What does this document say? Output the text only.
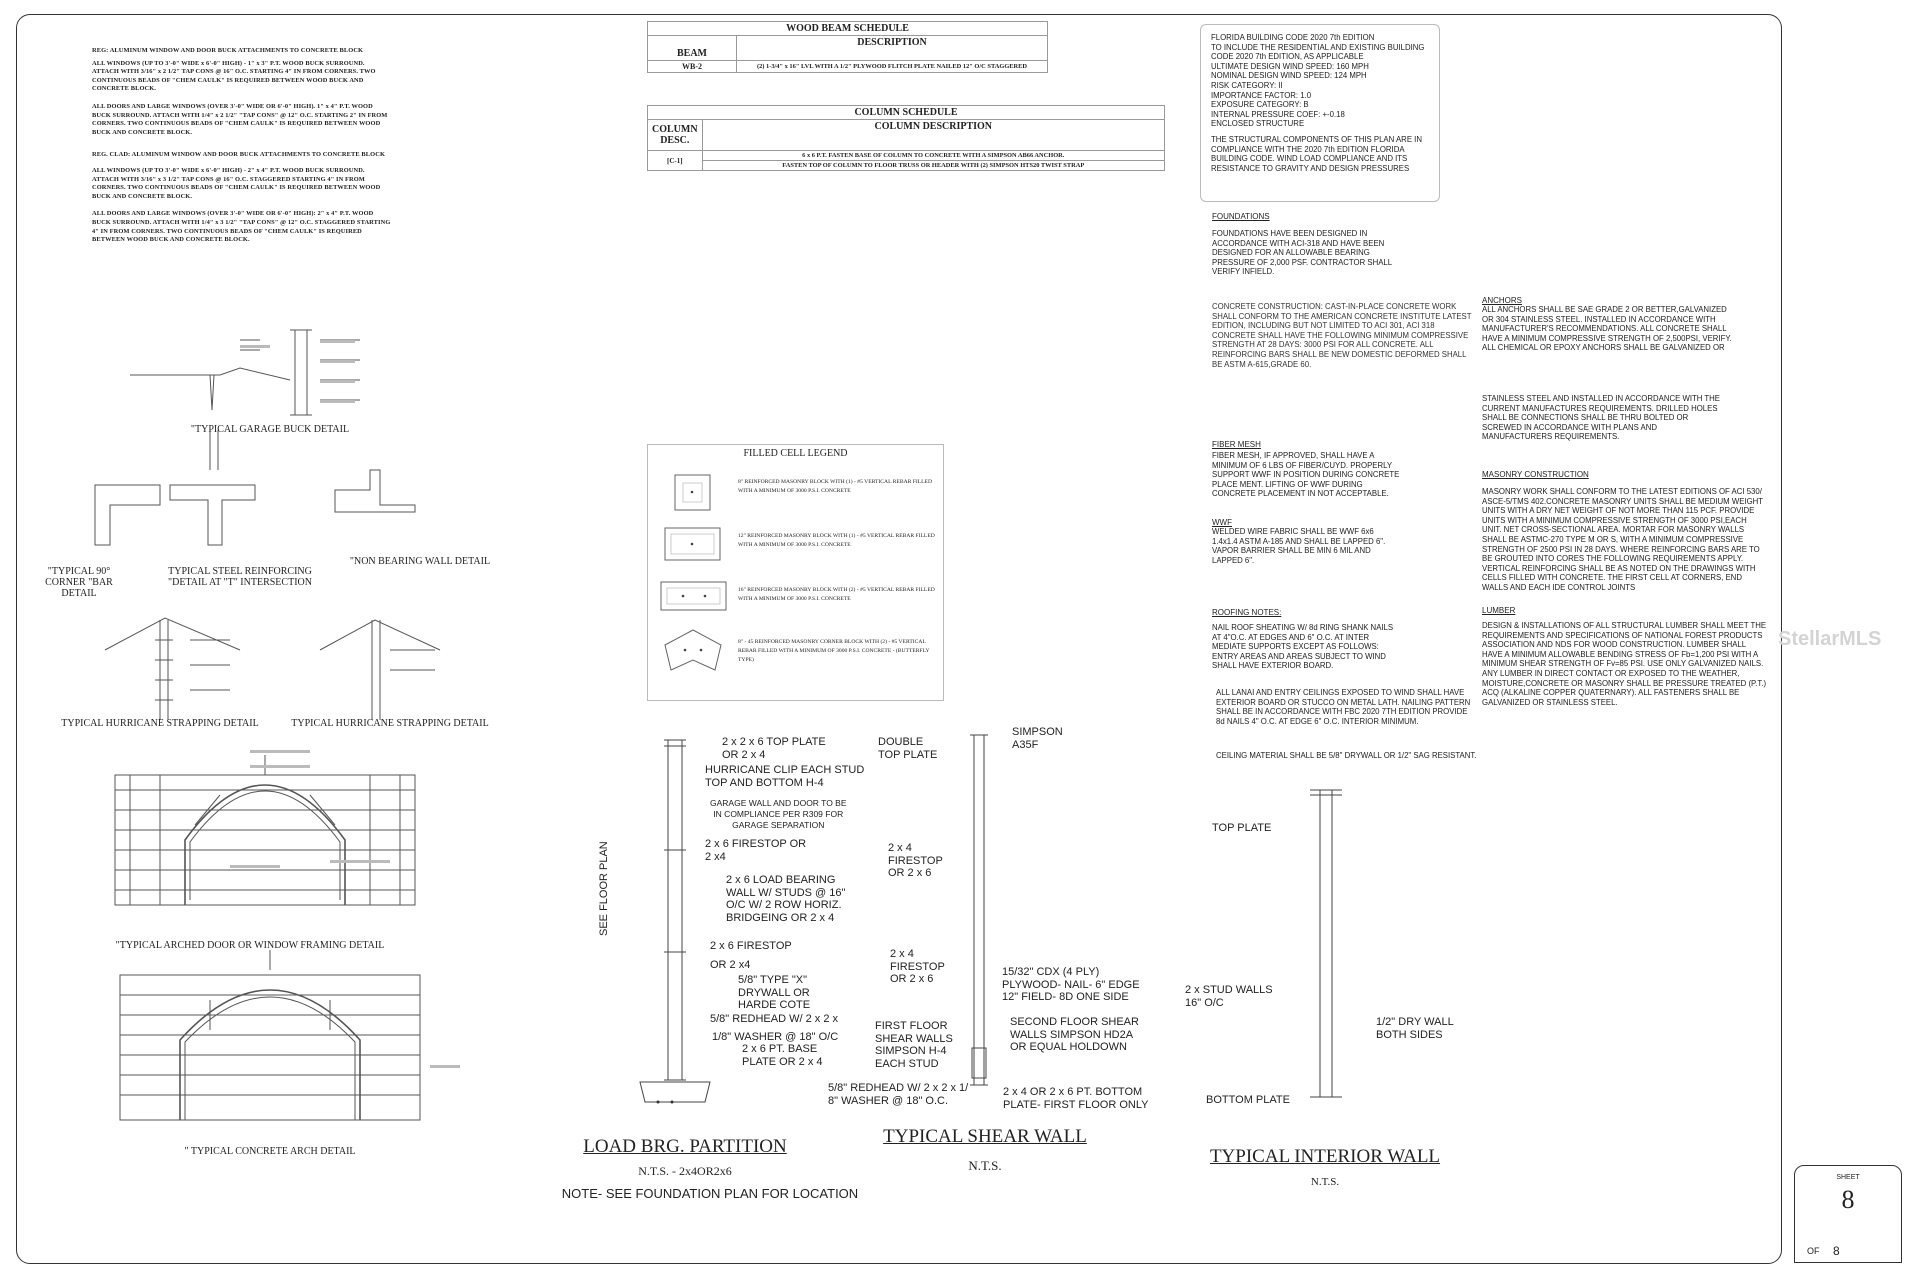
REG: ALUMINUM WINDOW AND DOOR BUCK ATTACHMENTS TO CONCRETE BLOCK
ALL WINDOWS (UP TO 3'-0" WIDE x 6'-0" HIGH) - 1" x 3" P.T. WOOD BUCK SURROUND. ATTACH WITH 3/16" x 2 1/2" TAP CONS @ 16" O.C. STARTING 4" IN FROM CORNERS. TWO CONTINUOUS BEADS OF "CHEM CAULK" IS REQUIRED BETWEEN WOOD BUCK AND CONCRETE BLOCK.
ALL DOORS AND LARGE WINDOWS (OVER 3'-0" WIDE OR 6'-0" HIGH). 1" x 4" P.T. WOOD BUCK SURROUND. ATTACH WITH 1/4" x 2 1/2" "TAP CONS" @ 12" O.C. STARTING 2" IN FROM CORNERS. TWO CONTINUOUS BEADS OF "CHEM CAULK" IS REQUIRED BETWEEN WOOD BUCK AND CONCRETE BLOCK.
REG. CLAD: ALUMINUM WINDOW AND DOOR BUCK ATTACHMENTS TO CONCRETE BLOCK
ALL WINDOWS (UP TO 3'-0" WIDE x 6'-0" HIGH) - 2" x 4" P.T. WOOD BUCK SURROUND. ATTACH WITH 3/16" x 3 1/2" TAP CONS @ 16" O.C. STAGGERED STARTING 4" IN FROM CORNERS. TWO CONTINUOUS BEADS OF "CHEM CAULK" IS REQUIRED BETWEEN WOOD BUCK AND CONCRETE BLOCK.
ALL DOORS AND LARGE WINDOWS (OVER 3'-0" WIDE OR 6'-0" HIGH): 2" x 4" P.T. WOOD BUCK SURROUND. ATTACH WITH 1/4" x 3 1/2" "TAP CONS" @ 12" O.C. STAGGERED STARTING 4" IN FROM CORNERS. TWO CONTINUOUS BEADS OF "CHEM CAULK" IS REQUIRED BETWEEN WOOD BUCK AND CONCRETE BLOCK.
"TYPICAL GARAGE BUCK DETAIL
"TYPICAL 90° CORNER "BAR DETAIL
TYPICAL STEEL REINFORCING "DETAIL AT "T" INTERSECTION
"NON BEARING WALL DETAIL
TYPICAL HURRICANE STRAPPING DETAIL	TYPICAL HURRICANE STRAPPING DETAIL
"TYPICAL ARCHED DOOR OR WINDOW FRAMING DETAIL
" TYPICAL CONCRETE ARCH DETAIL
WOOD BEAM SCHEDULE	
BEAM	DESCRIPTION
WB-2	(2) 1-3/4" x 16" LVL WITH A 1/2" PLYWOOD FLITCH PLATE NAILED 12" O/C STAGGERED
COLUMN SCHEDULE	
COLUMN DESC.	COLUMN DESCRIPTION
[C-1]	6 x 6 P.T. FASTEN BASE OF COLUMN TO CONCRETE WITH A SIMPSON AB66 ANCHOR.
	FASTEN TOP OF COLUMN TO FLOOR TRUSS OR HEADER WITH (2) SIMPSON HTS20 TWIST STRAP
FILLED CELL LEGEND
8" REINFORCED MASONRY BLOCK WITH (1) - #5 VERTICAL REBAR FILLED WITH A MINIMUM OF 3000 P.S.I. CONCRETE
12" REINFORCED MASONRY BLOCK WITH (1) - #5 VERTICAL REBAR FILLED WITH A MINIMUM OF 3000 P.S.I. CONCRETE
16" REINFORCED MASONRY BLOCK WITH (2) - #5 VERTICAL REBAR FILLED WITH A MINIMUM OF 3000 P.S.I. CONCRETE
8" - 45 REINFORCED MASONRY CORNER BLOCK WITH (2) - #5 VERTICAL REBAR FILLED WITH A MINIMUM OF 3000 P.S.I. CONCRETE - (BUTTERFLY TYPE)
FLORIDA BUILDING CODE 2020 7th EDITION
TO INCLUDE THE RESIDENTIAL AND EXISTING BUILDING
CODE 2020 7th EDITION, AS APPLICABLE
ULTIMATE DESIGN WIND SPEED: 160 MPH
NOMINAL DESIGN WIND SPEED: 124 MPH
RISK CATEGORY: II
IMPORTANCE FACTOR: 1.0
EXPOSURE CATEGORY: B
INTERNAL PRESSURE COEF: +-0.18
ENCLOSED STRUCTURE
THE STRUCTURAL COMPONENTS OF THIS PLAN ARE IN COMPLIANCE WITH THE 2020 7th EDITION FLORIDA BUILDING CODE. WIND LOAD COMPLIANCE AND ITS RESISTANCE TO GRAVITY AND DESIGN PRESSURES
FOUNDATIONS
FOUNDATIONS HAVE BEEN DESIGNED IN ACCORDANCE WITH ACI-318 AND HAVE BEEN DESIGNED FOR AN ALLOWABLE BEARING PRESSURE OF 2,000 PSF. CONTRACTOR SHALL VERIFY INFIELD.
CONCRETE CONSTRUCTION: CAST-IN-PLACE CONCRETE WORK SHALL CONFORM TO THE AMERICAN CONCRETE INSTITUTE LATEST EDITION, INCLUDING BUT NOT LIMITED TO ACI 301, ACI 318 CONCRETE SHALL HAVE THE FOLLOWING MINIMUM COMPRESSIVE STRENGTH AT 28 DAYS: 3000 PSI FOR ALL CONCRETE. ALL REINFORCING BARS SHALL BE NEW DOMESTIC DEFORMED SHALL BE ASTM A-615,GRADE 60.
FIBER MESH
FIBER MESH, IF APPROVED, SHALL HAVE A MINIMUM OF 6 LBS OF FIBER/CUYD. PROPERLY SUPPORT WWF IN POSITION DURING CONCRETE PLACE MENT. LIFTING OF WWF DURING CONCRETE PLACEMENT IN NOT ACCEPTABLE.
WWF
WELDED WIRE FABRIC SHALL BE WWF 6x6 1.4x1.4 ASTM A-185 AND SHALL BE LAPPED 6". VAPOR BARRIER SHALL BE MIN 6 MIL AND LAPPED 6".
ROOFING NOTES:
NAIL ROOF SHEATING W/ 8d RING SHANK NAILS AT 4"O.C. AT EDGES AND 6" O.C. AT INTER MEDIATE SUPPORTS EXCEPT AS FOLLOWS: ENTRY AREAS AND AREAS SUBJECT TO WIND SHALL HAVE EXTERIOR BOARD.
ALL LANAI AND ENTRY CEILINGS EXPOSED TO WIND SHALL HAVE EXTERIOR BOARD OR STUCCO ON METAL LATH. NAILING PATTERN SHALL BE IN ACCORDANCE WITH FBC 2020 7TH EDITION PROVIDE 8d NAILS 4" O.C. AT EDGE 6" O.C. INTERIOR MINIMUM.
CEILING MATERIAL SHALL BE 5/8" DRYWALL OR 1/2" SAG RESISTANT.
ANCHORS
ALL ANCHORS SHALL BE SAE GRADE 2 OR BETTER,GALVANIZED OR 304 STAINLESS STEEL. INSTALLED IN ACCORDANCE WITH MANUFACTURER'S RECOMMENDATIONS. ALL CONCRETE SHALL HAVE A MINIMUM COMPRESSIVE STRENGTH OF 2,500PSI, VERIFY. ALL CHEMICAL OR EPOXY ANCHORS SHALL BE GALVANIZED OR
STAINLESS STEEL AND INSTALLED IN ACCORDANCE WITH THE CURRENT MANUFACTURES REQUIREMENTS. DRILLED HOLES SHALL BE CONNECTIONS SHALL BE THRU BOLTED OR SCREWED IN ACCORDANCE WITH PLANS AND MANUFACTURERS REQUIREMENTS.
MASONRY CONSTRUCTION
MASONRY WORK SHALL CONFORM TO THE LATEST EDITIONS OF ACI 530/ ASCE-5/TMS 402.CONCRETE MASONRY UNITS SHALL BE MEDIUM WEIGHT UNITS WITH A DRY NET WEIGHT OF NOT MORE THAN 115 PCF. PROVIDE UNITS WITH A MINIMUM COMPRESSIVE STRENGTH OF 3000 PSI,EACH UNIT. NET CROSS-SECTIONAL AREA. MORTAR FOR MASONRY WALLS SHALL BE ASTMC-270 TYPE M OR S, WITH A MINIMUM COMPRESSIVE STRENGTH OF 2500 PSI IN 28 DAYS. WHERE REINFORCING BARS ARE TO BE GROUTED INTO CORES THE FOLLOWING REQUIREMENTS APPLY. VERTICAL REINFORCING SHALL BE AS NOTED ON THE DRAWINGS WITH CELLS FILLED WITH CONCRETE. THE FIRST CELL AT CORNERS, END WALLS AND EACH IDE CONTROL JOINTS
LUMBER
DESIGN & INSTALLATIONS OF ALL STRUCTURAL LUMBER SHALL MEET THE REQUIREMENTS AND SPECIFICATIONS OF NATIONAL FOREST PRODUCTS ASSOCIATION AND NDS FOR WOOD CONSTRUCTION. LUMBER SHALL HAVE A MINIMUM ALLOWABLE BENDING STRESS OF Fb=1,200 PSI WITH A MINIMUM SHEAR STRENGTH OF Fv=85 PSI. USE ONLY GALVANIZED NAILS. ANY LUMBER IN DIRECT CONTACT OR EXPOSED TO THE WEATHER, MOISTURE,CONCRETE OR MASONRY SHALL BE PRESSURE TREATED (P.T.) ACQ (ALKALINE COPPER QUATERNARY). ALL FASTENERS SHALL BE GALVANIZED OR STAINLESS STEEL.
StellarMLS
SEE FLOOR PLAN
2 x 2 x 6 TOP PLATE
OR 2 x 4
HURRICANE CLIP EACH STUD
TOP AND BOTTOM H-4
GARAGE WALL AND DOOR TO BE
IN COMPLIANCE PER R309 FOR
GARAGE SEPARATION
2 x 6 FIRESTOP OR
2 x4
2 x 6 LOAD BEARING
WALL W/ STUDS @ 16"
O/C W/ 2 ROW HORIZ.
BRIDGEING OR 2 x 4
2 x 6 FIRESTOP
OR 2 x4
5/8" TYPE "X"
DRYWALL OR
HARDE COTE
5/8" REDHEAD W/ 2 x 2 x
1/8" WASHER @ 18" O/C
2 x 6 PT. BASE
PLATE OR 2 x 4
LOAD BRG. PARTITION
N.T.S. - 2x4OR2x6
NOTE- SEE FOUNDATION PLAN FOR LOCATION
DOUBLE
TOP PLATE
SIMPSON
A35F
2 x 4
FIRESTOP
OR 2 x 6
2 x 4
FIRESTOP
OR 2 x 6
15/32" CDX (4 PLY)
PLYWOOD- NAIL- 6" EDGE
12" FIELD- 8D ONE SIDE
FIRST FLOOR
SHEAR WALLS
SIMPSON H-4
EACH STUD
SECOND FLOOR SHEAR
WALLS SIMPSON HD2A
OR EQUAL HOLDOWN
5/8" REDHEAD W/ 2 x 2 x 1/
8" WASHER @ 18" O.C.
2 x 4 OR 2 x 6 PT. BOTTOM
PLATE- FIRST FLOOR ONLY
TYPICAL SHEAR WALL
N.T.S.
TOP PLATE
2 x STUD WALLS
16" O/C
1/2" DRY WALL
BOTH SIDES
BOTTOM PLATE
TYPICAL INTERIOR WALL
N.T.S.	SHEET
8
OF 8
